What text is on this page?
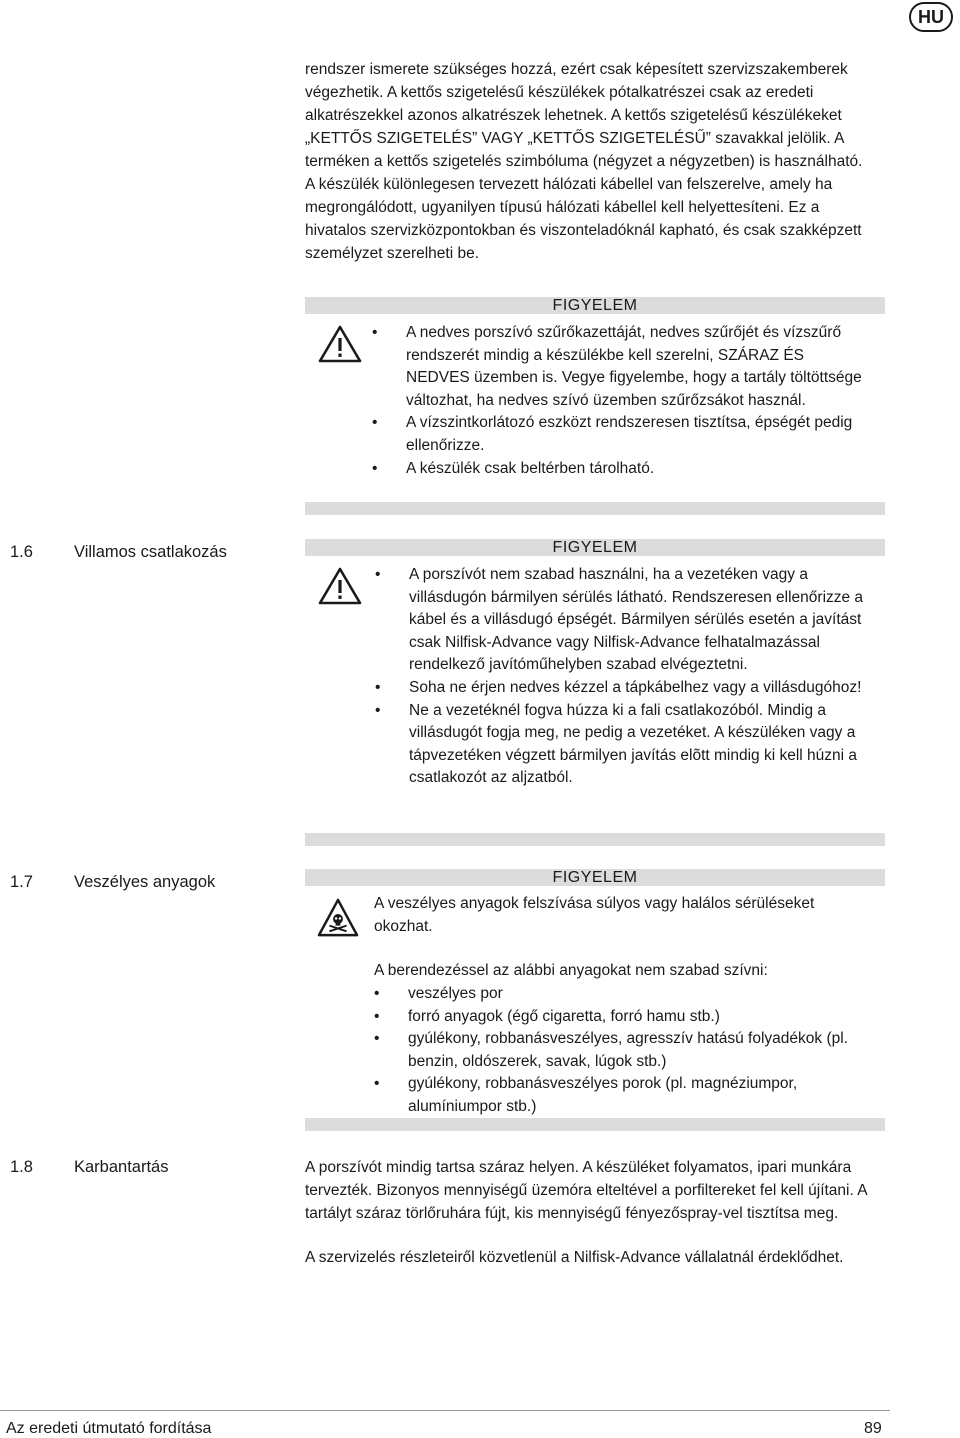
HU

rendszer ismerete szükséges hozzá, ezért csak képesített szervizszakemberek végezhetik. A kettős szigetelésű készülékek pótalkatrészei csak az eredeti alkatrészekkel azonos alkatrészek lehetnek. A kettős szigetelésű készülékeket „KETTŐS SZIGETELÉS” VAGY „KETTŐS SZIGETELÉSŰ” szavakkal jelölik. A terméken a kettős szigetelés szimbóluma (négyzet a négyzetben) is használható. A készülék különlegesen tervezett hálózati kábellel van felszerelve, amely ha megrongálódott, ugyanilyen típusú hálózati kábellel kell helyettesíteni. Ez a hivatalos szervizközpontokban és viszonteladóknál kapható, és csak szakképzett személyzet szerelheti be.

FIGYELEM
• A nedves porszívó szűrőkazettáját, nedves szűrőjét és vízszűrő rendszerét mindig a készülékbe kell szerelni, SZÁRAZ ÉS NEDVES üzemben is. Vegye figyelembe, hogy a tartály töltöttsége változhat, ha nedves szívó üzemben szűrőzsákot használ.
• A vízszintkorlátozó eszközt rendszeresen tisztítsa, épségét pedig ellenőrizze.
• A készülék csak beltérben tárolható.
1.6 Villamos csatlakozás	FIGYELEM
• A porszívót nem szabad használni, ha a vezetéken vagy a villásdugón bármilyen sérülés látható. Rendszeresen ellenőrizze a kábel és a villásdugó épségét. Bármilyen sérülés esetén a javítást csak Nilfisk-Advance vagy Nilfisk-Advance felhatalmazással rendelkező javítóműhelyben szabad elvégeztetni.
• Soha ne érjen nedves kézzel a tápkábelhez vagy a villásdugóhoz!
• Ne a vezetéknél fogva húzza ki a fali csatlakozóból. Mindig a villásdugót fogja meg, ne pedig a vezetéket. A készüléken vagy a tápvezetéken végzett bármilyen javítás elõtt mindig ki kell húzni a csatlakozót az aljzatból.
1.7 Veszélyes anyagok	FIGYELEM

A veszélyes anyagok felszívása súlyos vagy halálos sérüléseket okozhat.

A berendezéssel az alábbi anyagokat nem szabad szívni:

• veszélyes por
• forró anyagok (égő cigaretta, forró hamu stb.)
• gyúlékony, robbanásveszélyes, agresszív hatású folyadékok (pl. benzin, oldószerek, savak, lúgok stb.)
• gyúlékony, robbanásveszélyes porok (pl. magnéziumpor, alumíniumpor stb.)
1.8 Karbantartás	A porszívót mindig tartsa száraz helyen. A készüléket folyamatos, ipari munkára tervezték. Bizonyos mennyiségű üzemóra elteltével a porfiltereket fel kell újítani. A tartályt száraz törlőruhára fújt, kis mennyiségű fényezőspray-vel tisztítsa meg.

A szervizelés részleteiről közvetlenül a Nilfisk-Advance vállalatnál érdeklődhet.

Az eredeti útmutató fordítása	89
